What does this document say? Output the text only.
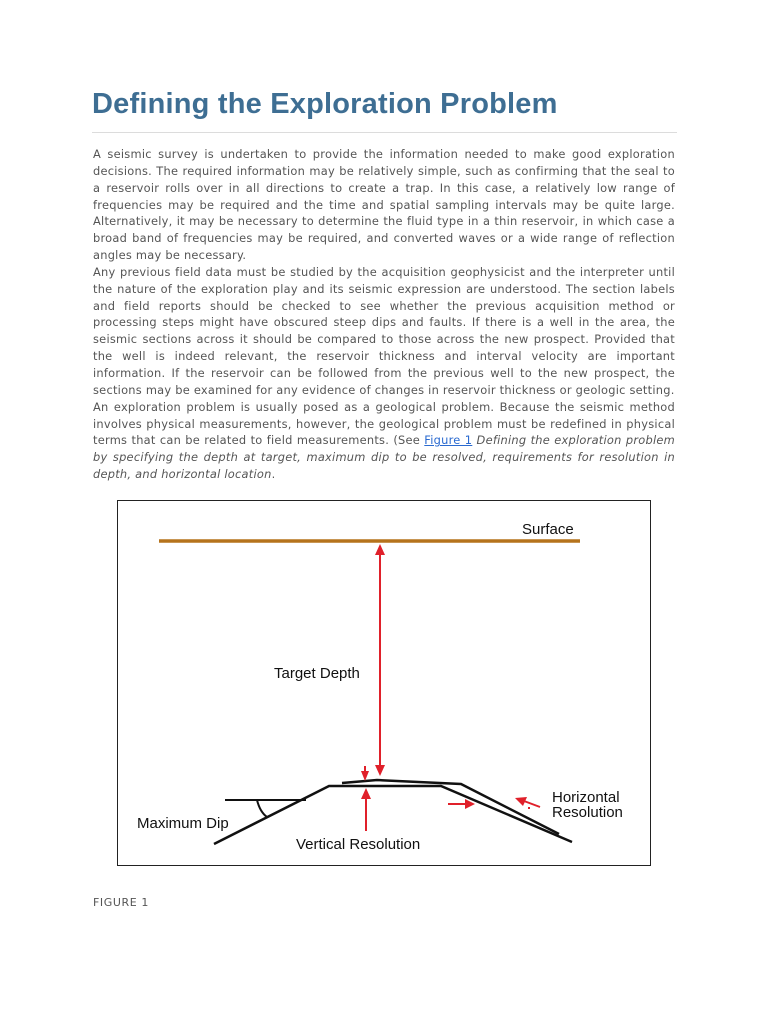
Defining the Exploration Problem

A seismic survey is undertaken to provide the information needed to make good exploration decisions. The required information may be relatively simple, such as confirming that the seal to a reservoir rolls over in all directions to create a trap. In this case, a relatively low range of frequencies may be required and the time and spatial sampling intervals may be quite large. Alternatively, it may be necessary to determine the fluid type in a thin reservoir, in which case a broad band of frequencies may be required, and converted waves or a wide range of reflection angles may be necessary.

Any previous field data must be studied by the acquisition geophysicist and the interpreter until the nature of the exploration play and its seismic expression are understood. The section labels and field reports should be checked to see whether the previous acquisition method or processing steps might have obscured steep dips and faults. If there is a well in the area, the seismic sections across it should be compared to those across the new prospect. Provided that the well is indeed relevant, the reservoir thickness and interval velocity are important information. If the reservoir can be followed from the previous well to the new prospect, the sections may be examined for any evidence of changes in reservoir thickness or geologic setting.

An exploration problem is usually posed as a geological problem. Because the seismic method involves physical measurements, however, the geological problem must be redefined in physical terms that can be related to field measurements. (See Figure 1 Defining the exploration problem by specifying the depth at target, maximum dip to be resolved, requirements for resolution in depth, and horizontal location.

Surface
Target Depth
Maximum Dip
Vertical Resolution
Horizontal
Resolution
FIGURE 1
